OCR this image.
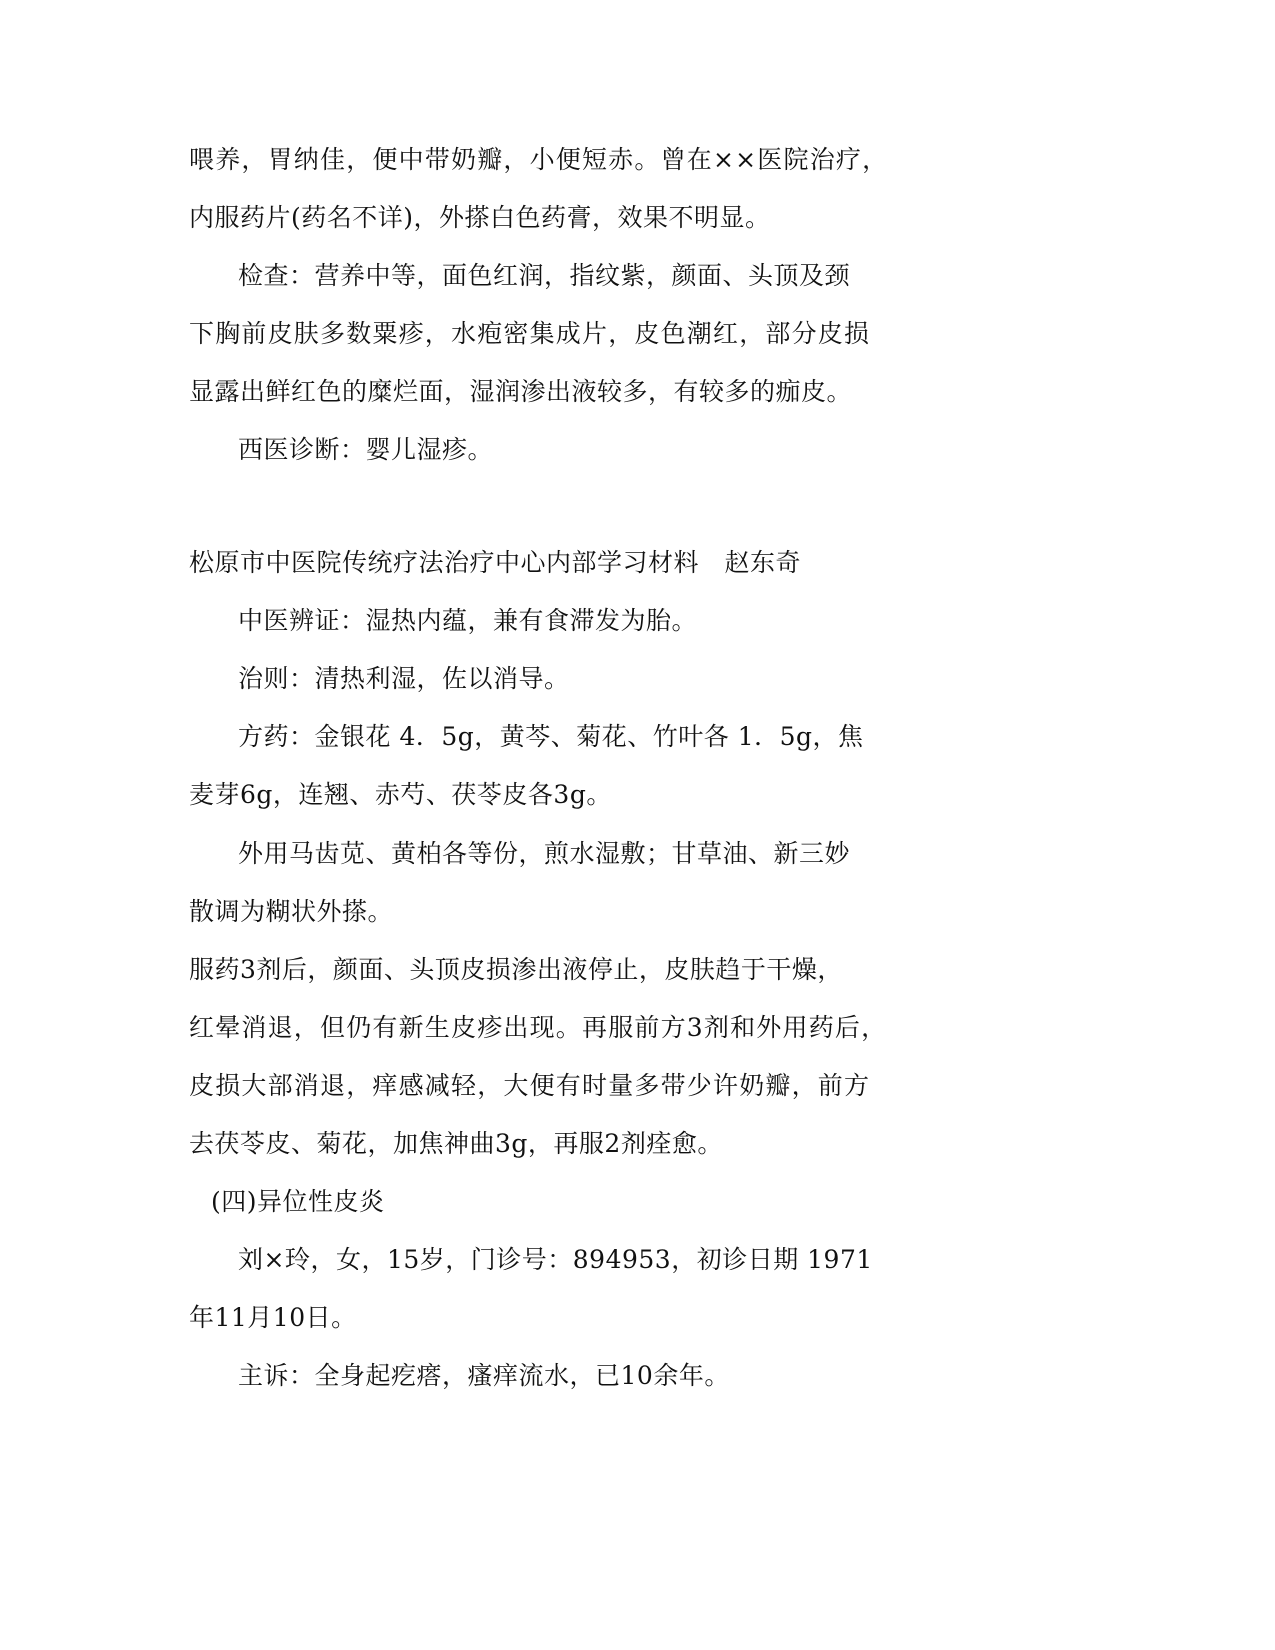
喂养，胃纳佳，便中带奶瓣，小便短赤。曾在××医院治疗，
内服药片(药名不详)，外搽白色药膏，效果不明显。
检查：营养中等，面色红润，指纹紫，颜面、头顶及颈
下胸前皮肤多数粟疹，水疱密集成片，皮色潮红，部分皮损
显露出鲜红色的糜烂面，湿润渗出液较多，有较多的痂皮。
西医诊断：婴儿湿疹。
松原市中医院传统疗法治疗中心内部学习材料　赵东奇
中医辨证：湿热内蕴，兼有食滞发为胎。
治则：清热利湿，佐以消导。
方药：金银花 4．5g，黄芩、菊花、竹叶各 1．5g，焦
麦芽6g，连翘、赤芍、茯苓皮各3g。
外用马齿苋、黄柏各等份，煎水湿敷；甘草油、新三妙
散调为糊状外搽。
服药3剂后，颜面、头顶皮损渗出液停止，皮肤趋于干燥，
红晕消退，但仍有新生皮疹出现。再服前方3剂和外用药后，
皮损大部消退，痒感减轻，大便有时量多带少许奶瓣，前方
去茯苓皮、菊花，加焦神曲3g，再服2剂痊愈。
(四)异位性皮炎
刘×玲，女，15岁，门诊号：894953，初诊日期 1971
年11月10日。
主诉：全身起疙瘩，瘙痒流水，已10余年。
